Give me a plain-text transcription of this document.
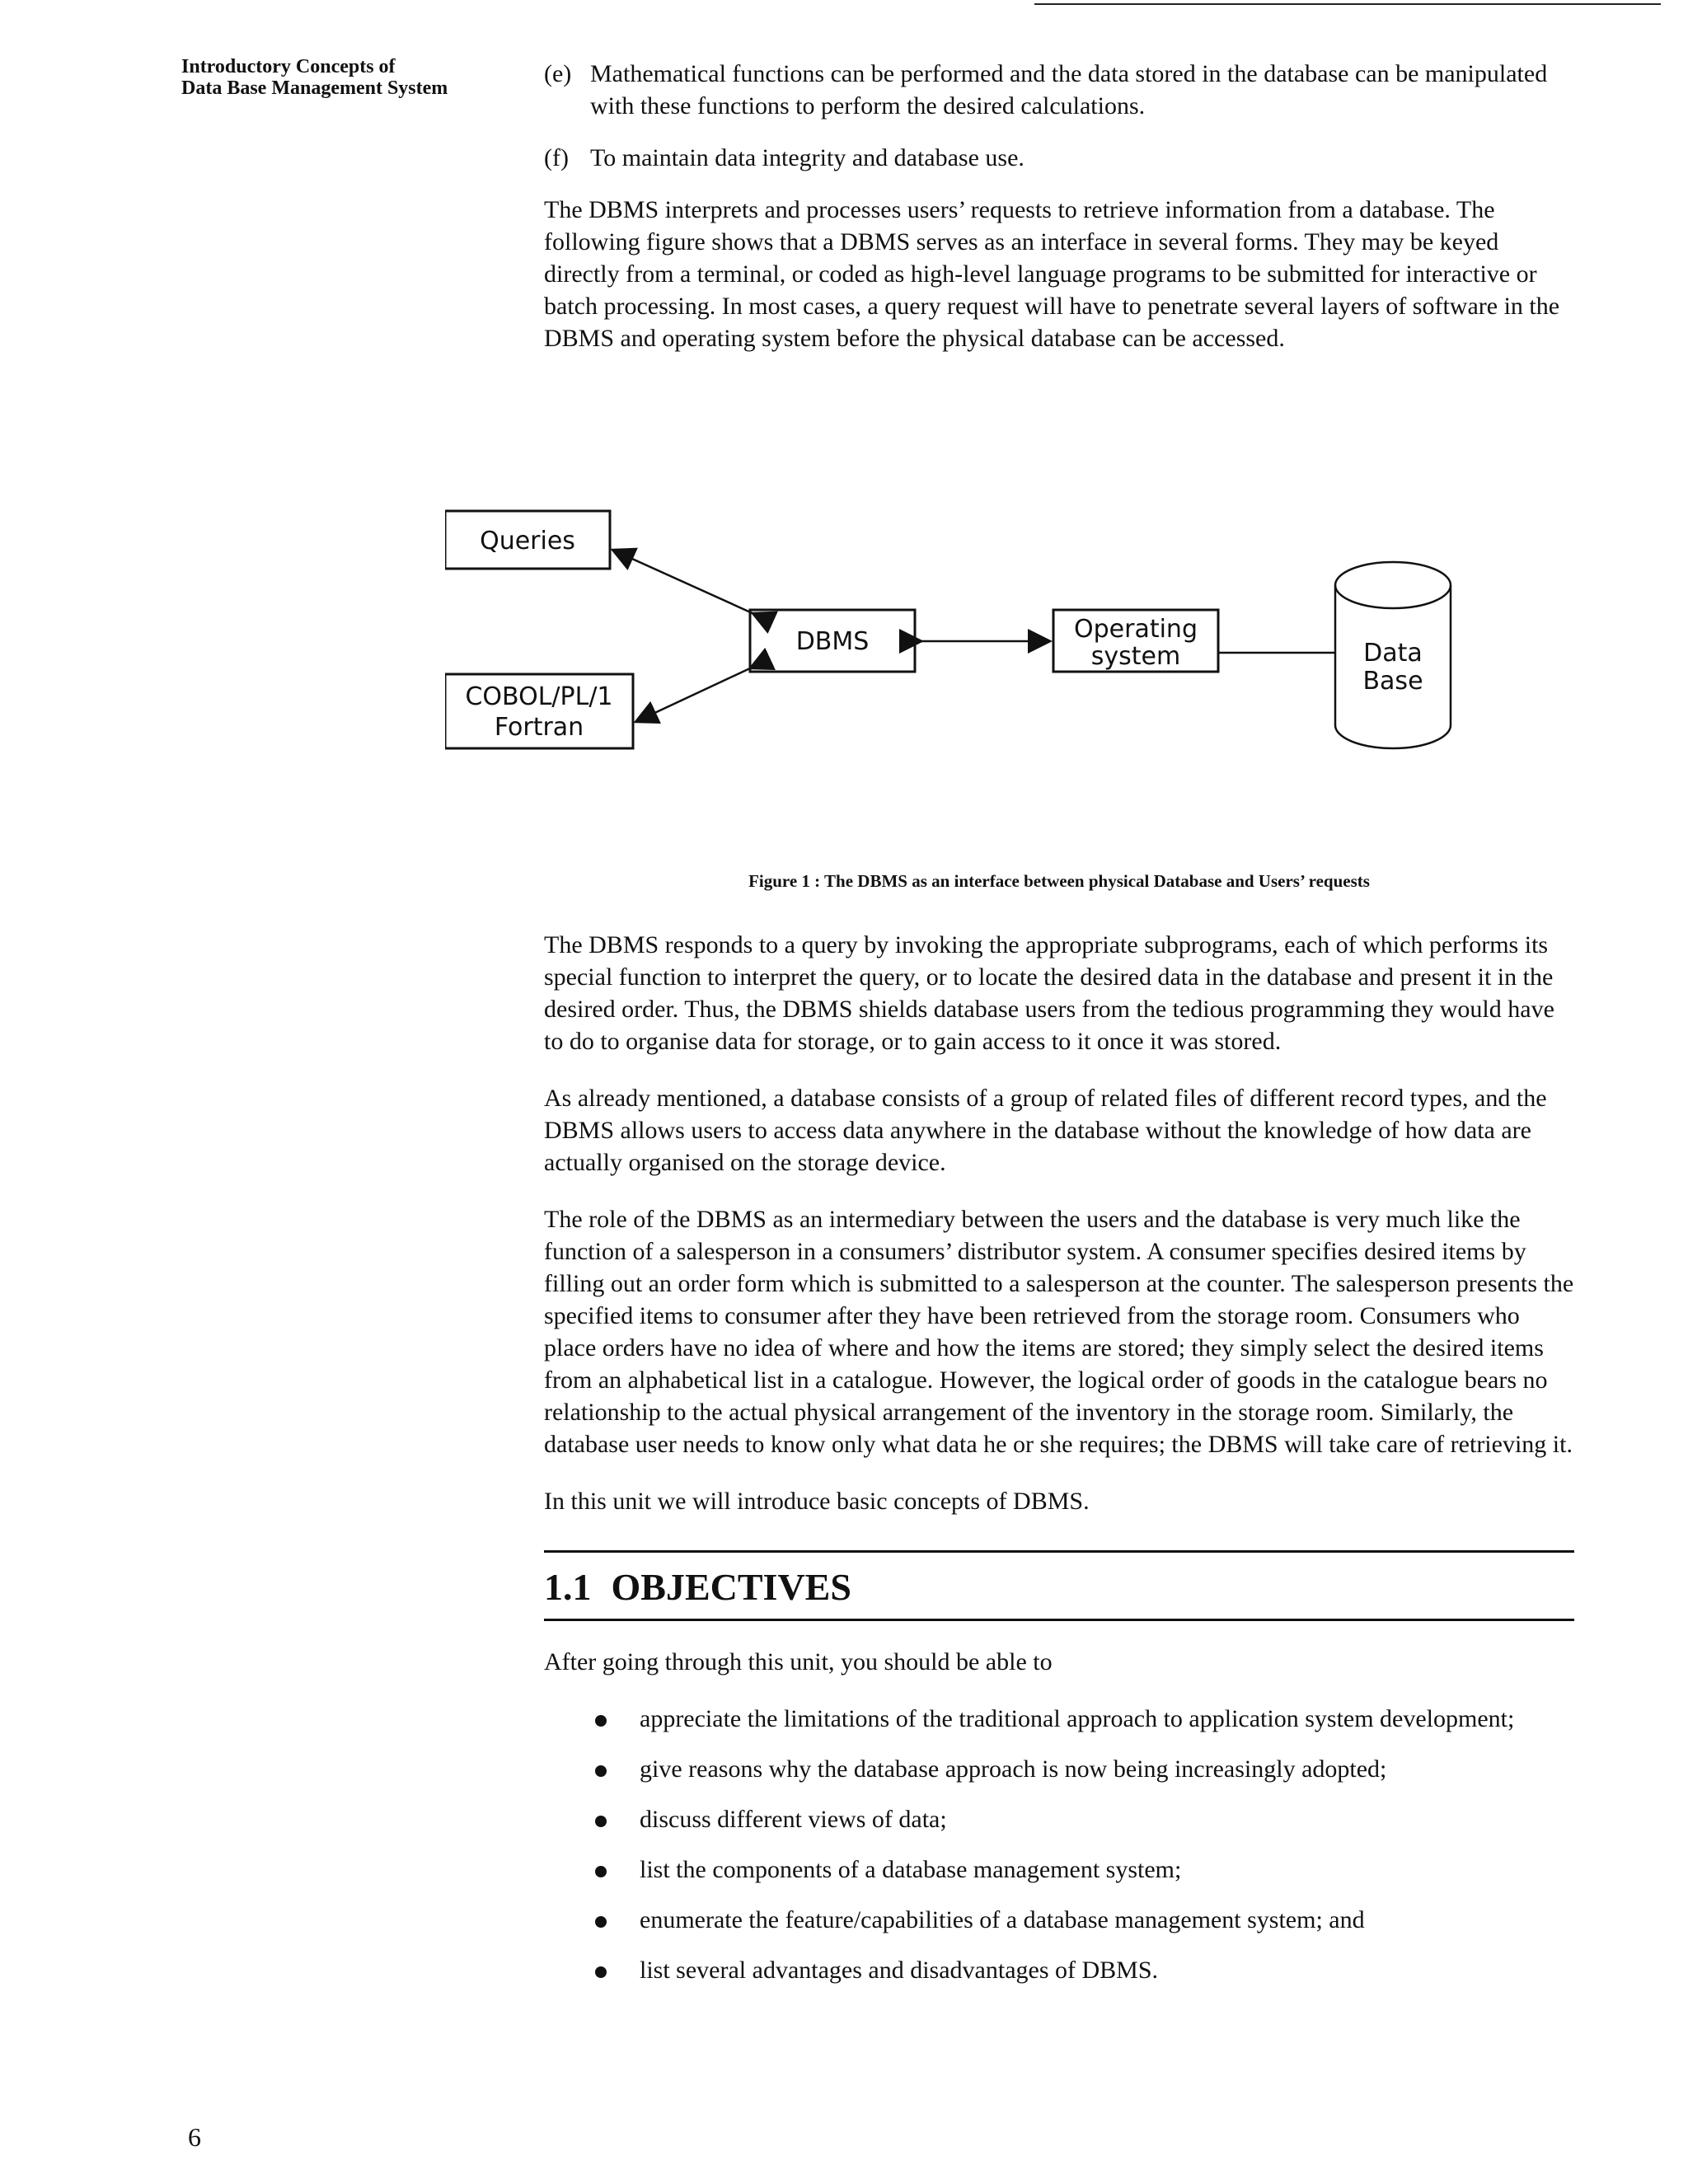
Introductory Concepts of
Data Base Management System
(e) Mathematical functions can be performed and the data stored in the database can be manipulated with these functions to perform the desired calculations.
(f) To maintain data integrity and database use.

The DBMS interprets and processes users’ requests to retrieve information from a database. The following figure shows that a DBMS serves as an interface in several forms. They may be keyed directly from a terminal, or coded as high-level language programs to be submitted for interactive or batch processing. In most cases, a query request will have to penetrate several layers of software in the DBMS and operating system before the physical database can be accessed.

Queries
COBOL/PL/1
Fortran
DBMS	Operating
system	Data
Base
Figure 1 : The DBMS as an interface between physical Database and Users’ requests

The DBMS responds to a query by invoking the appropriate subprograms, each of which performs its special function to interpret the query, or to locate the desired data in the database and present it in the desired order. Thus, the DBMS shields database users from the tedious programming they would have to do to organise data for storage, or to gain access to it once it was stored.

As already mentioned, a database consists of a group of related files of different record types, and the DBMS allows users to access data anywhere in the database without the knowledge of how data are actually organised on the storage device.

The role of the DBMS as an intermediary between the users and the database is very much like the function of a salesperson in a consumers’ distributor system. A consumer specifies desired items by filling out an order form which is submitted to a salesperson at the counter. The salesperson presents the specified items to consumer after they have been retrieved from the storage room. Consumers who place orders have no idea of where and how the items are stored; they simply select the desired items from an alphabetical list in a catalogue. However, the logical order of goods in the catalogue bears no relationship to the actual physical arrangement of the inventory in the storage room. Similarly, the database user needs to know only what data he or she requires; the DBMS will take care of retrieving it.

In this unit we will introduce basic concepts of DBMS.

1.1 OBJECTIVES

After going through this unit, you should be able to

appreciate the limitations of the traditional approach to application system development;
give reasons why the database approach is now being increasingly adopted;
discuss different views of data;
list the components of a database management system;
enumerate the feature/capabilities of a database management system; and
list several advantages and disadvantages of DBMS.
6
